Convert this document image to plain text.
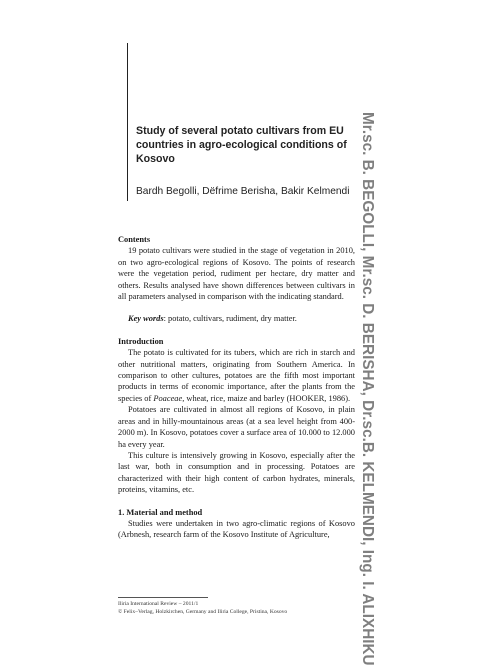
Study of several potato cultivars from EU countries in agro-ecological conditions of Kosovo
Bardh Begolli, Dëfrime Berisha, Bakir Kelmendi Mr.sc. B. BEGOLLI, Mr.sc. D. BERISHA, Dr.sc.B. KELMENDI, Ing. I. ALIXHIKU
Contents

19 potato cultivars were studied in the stage of vegetation in 2010, on two agro-ecological regions of Kosovo. The points of research were the vegetation period, rudiment per hectare, dry matter and others. Results analysed have shown differences between cultivars in all parameters analysed in comparison with the indicating standard.

Key words: potato, cultivars, rudiment, dry matter.

Introduction

The potato is cultivated for its tubers, which are rich in starch and other nutritional matters, originating from Southern America. In comparison to other cultures, potatoes are the fifth most important products in terms of economic importance, after the plants from the species of Poaceae, wheat, rice, maize and barley (HOOKER, 1986).

Potatoes are cultivated in almost all regions of Kosovo, in plain areas and in hilly-mountainous areas (at a sea level height from 400-2000 m). In Kosovo, potatoes cover a surface area of 10.000 to 12.000 ha every year.

This culture is intensively growing in Kosovo, especially after the last war, both in consumption and in processing. Potatoes are characterized with their high content of carbon hydrates, minerals, proteins, vitamins, etc.

1. Material and method

Studies were undertaken in two agro-climatic regions of Kosovo (Arbnesh, research farm of the Kosovo Institute of Agriculture,

Iliria International Review – 2011/1
© Felix–Verlag, Holzkirchen, Germany and Iliria College, Pristina, Kosovo
